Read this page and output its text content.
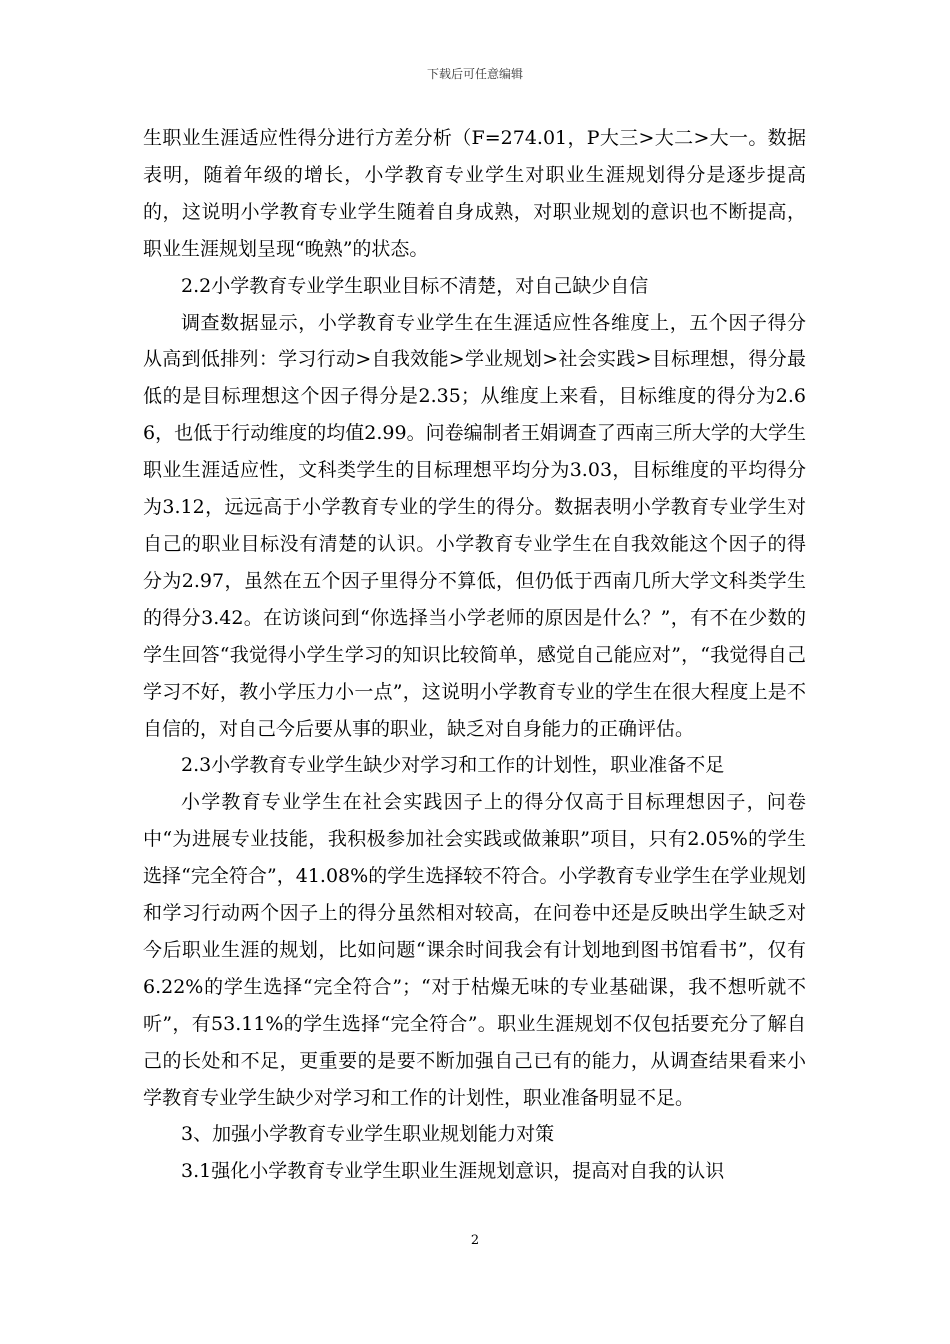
下载后可任意编辑

生职业生涯适应性得分进行方差分析（F=274.01，P大三>大二>大一。数据表明，随着年级的增长，小学教育专业学生对职业生涯规划得分是逐步提高的，这说明小学教育专业学生随着自身成熟，对职业规划的意识也不断提高，职业生涯规划呈现“晚熟”的状态。

2.2小学教育专业学生职业目标不清楚，对自己缺少自信

调查数据显示，小学教育专业学生在生涯适应性各维度上，五个因子得分从高到低排列：学习行动>自我效能>学业规划>社会实践>目标理想，得分最低的是目标理想这个因子得分是2.35；从维度上来看，目标维度的得分为2.66，也低于行动维度的均值2.99。问卷编制者王娟调查了西南三所大学的大学生职业生涯适应性，文科类学生的目标理想平均分为3.03，目标维度的平均得分为3.12，远远高于小学教育专业的学生的得分。数据表明小学教育专业学生对自己的职业目标没有清楚的认识。小学教育专业学生在自我效能这个因子的得分为2.97，虽然在五个因子里得分不算低，但仍低于西南几所大学文科类学生的得分3.42。在访谈问到“你选择当小学老师的原因是什么？”，有不在少数的学生回答“我觉得小学生学习的知识比较简单，感觉自己能应对”，“我觉得自己学习不好，教小学压力小一点”，这说明小学教育专业的学生在很大程度上是不自信的，对自己今后要从事的职业，缺乏对自身能力的正确评估。

2.3小学教育专业学生缺少对学习和工作的计划性，职业准备不足

小学教育专业学生在社会实践因子上的得分仅高于目标理想因子，问卷中“为进展专业技能，我积极参加社会实践或做兼职”项目，只有2.05%的学生选择“完全符合”，41.08%的学生选择较不符合。小学教育专业学生在学业规划和学习行动两个因子上的得分虽然相对较高，在问卷中还是反映出学生缺乏对今后职业生涯的规划，比如问题“课余时间我会有计划地到图书馆看书”，仅有6.22%的学生选择“完全符合”；“对于枯燥无味的专业基础课，我不想听就不听”，有53.11%的学生选择“完全符合”。职业生涯规划不仅包括要充分了解自己的长处和不足，更重要的是要不断加强自己已有的能力，从调查结果看来小学教育专业学生缺少对学习和工作的计划性，职业准备明显不足。

3、加强小学教育专业学生职业规划能力对策

3.1强化小学教育专业学生职业生涯规划意识，提高对自我的认识

2
